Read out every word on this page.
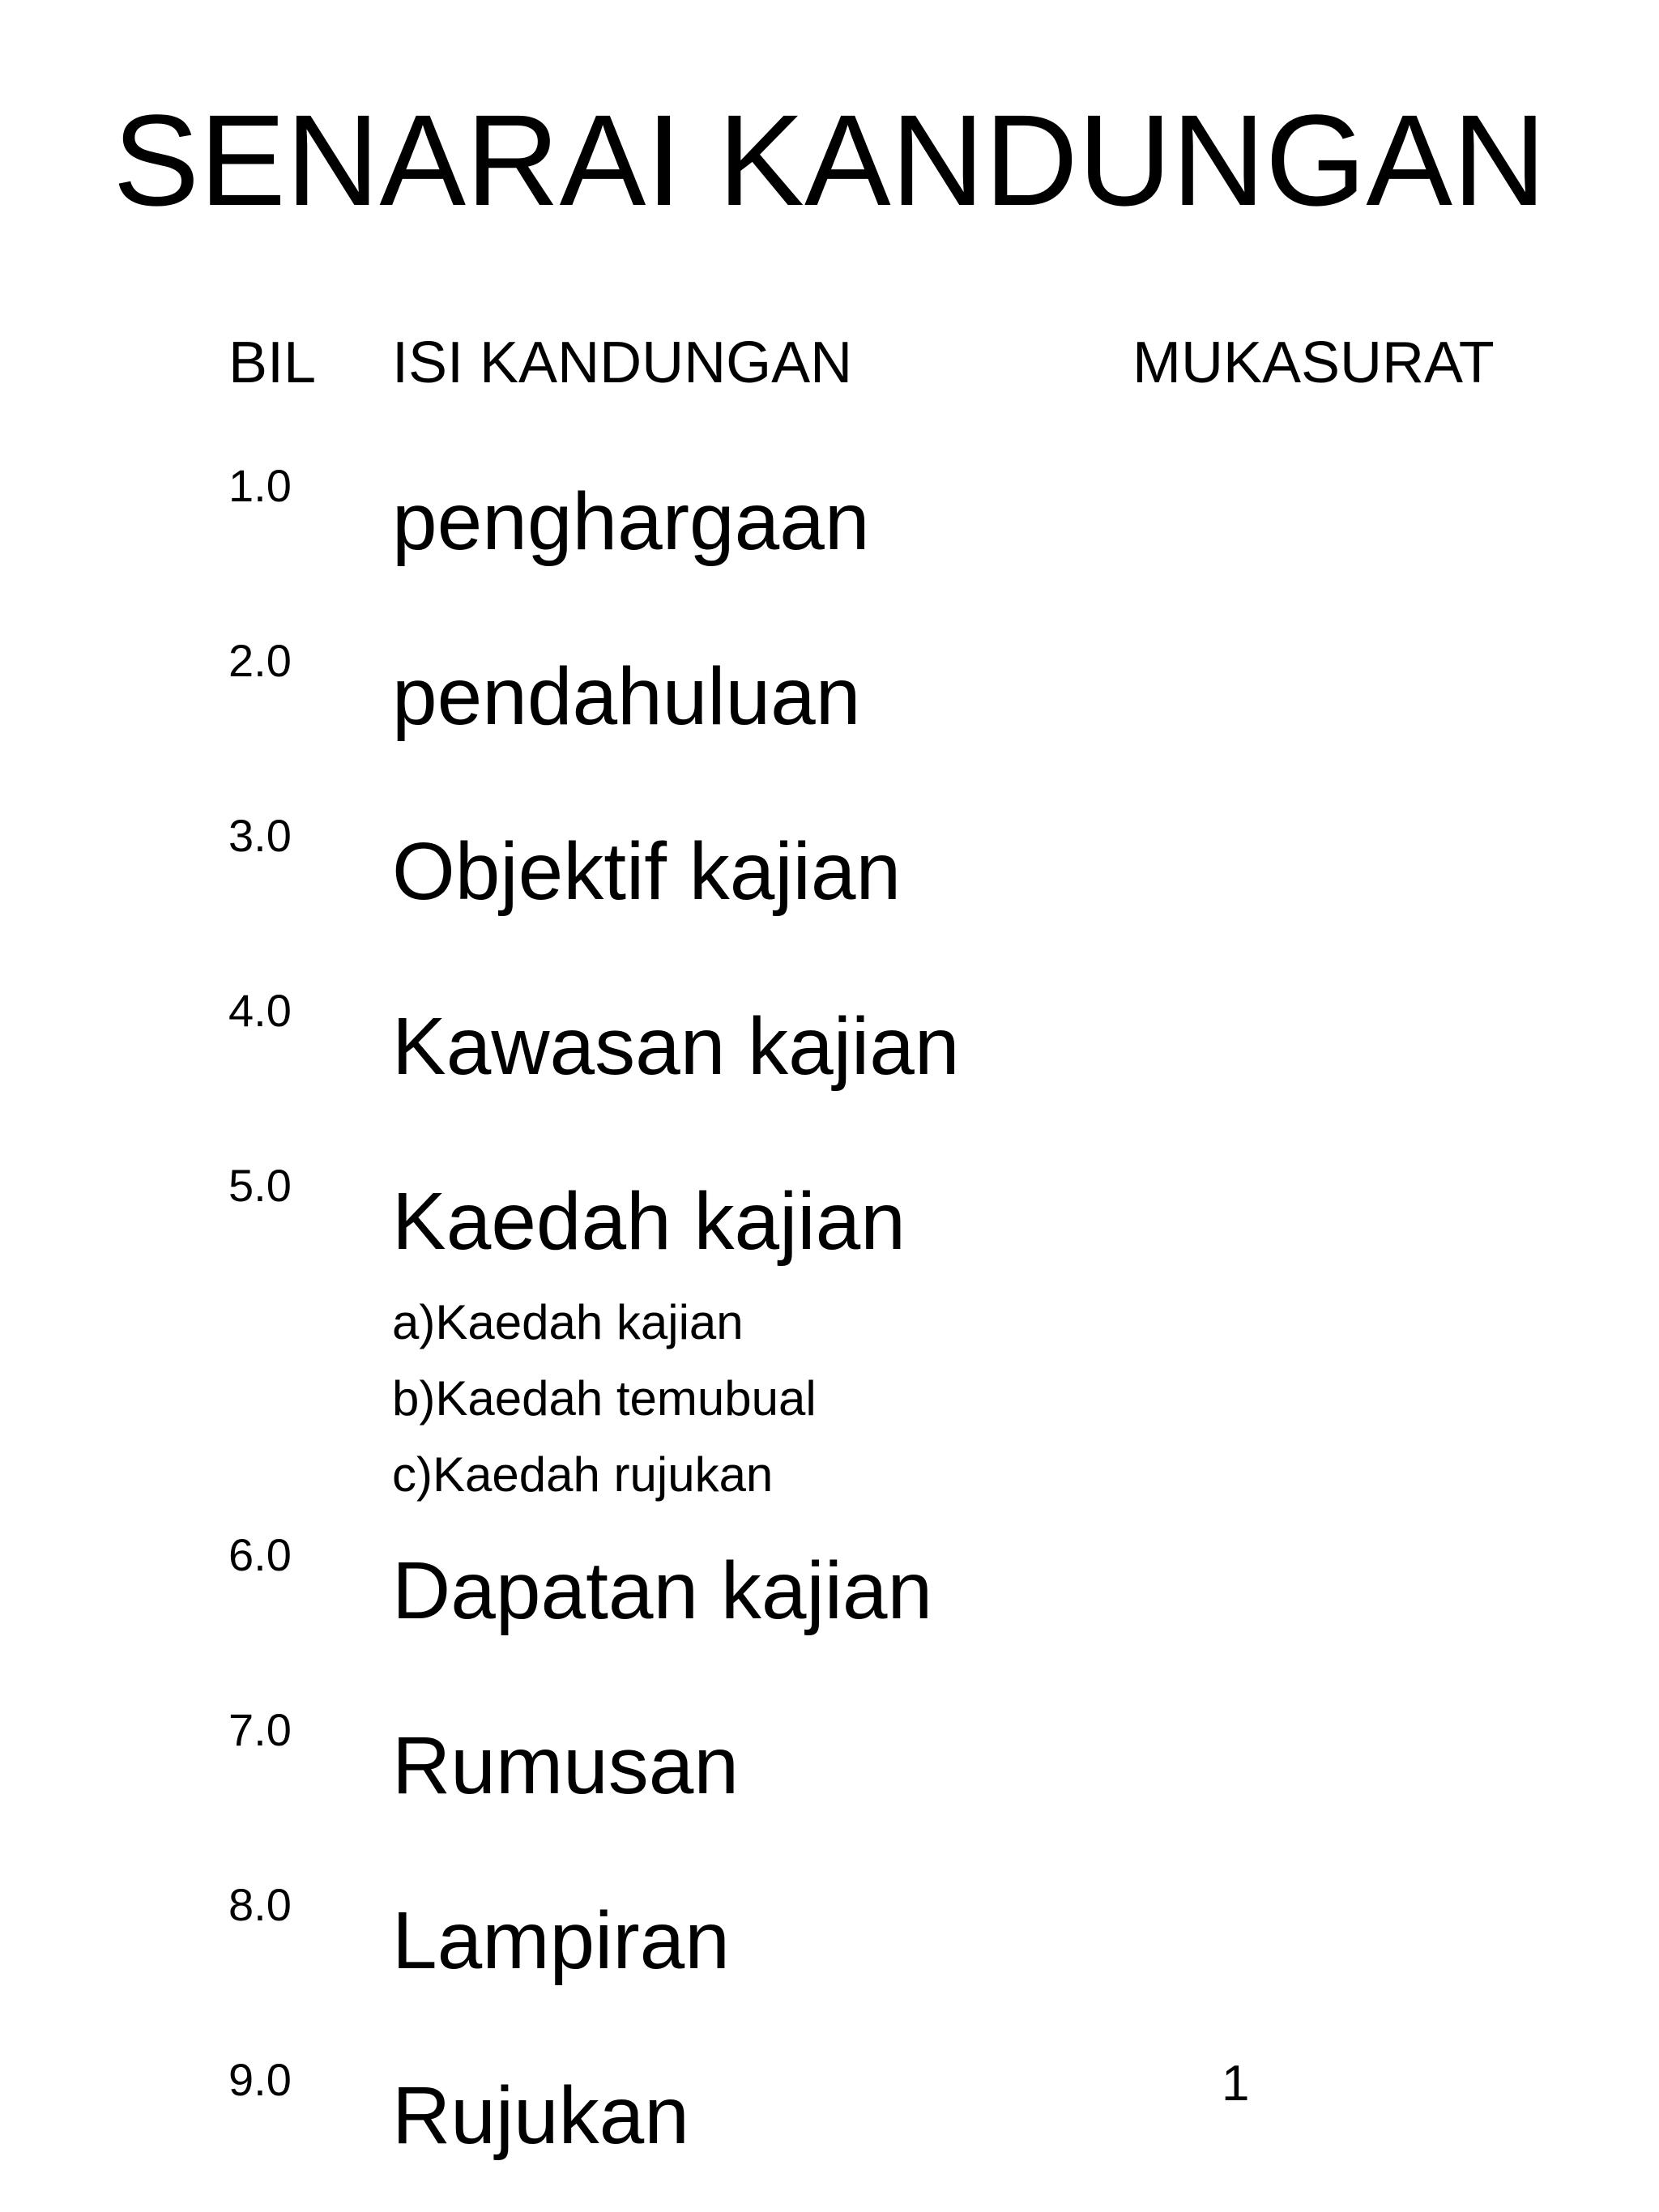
SENARAI KANDUNGAN
BIL ISI KANDUNGAN	MUKASURAT
1.0 penghargaan
2.0 pendahuluan
3.0 Objektif kajian
4.0 Kawasan kajian
5.0 Kaedah kajian
a)Kaedah kajian
b)Kaedah temubual
c)Kaedah rujukan
6.0 Dapatan kajian
7.0 Rumusan
8.0 Lampiran
9.0 Rujukan	1
